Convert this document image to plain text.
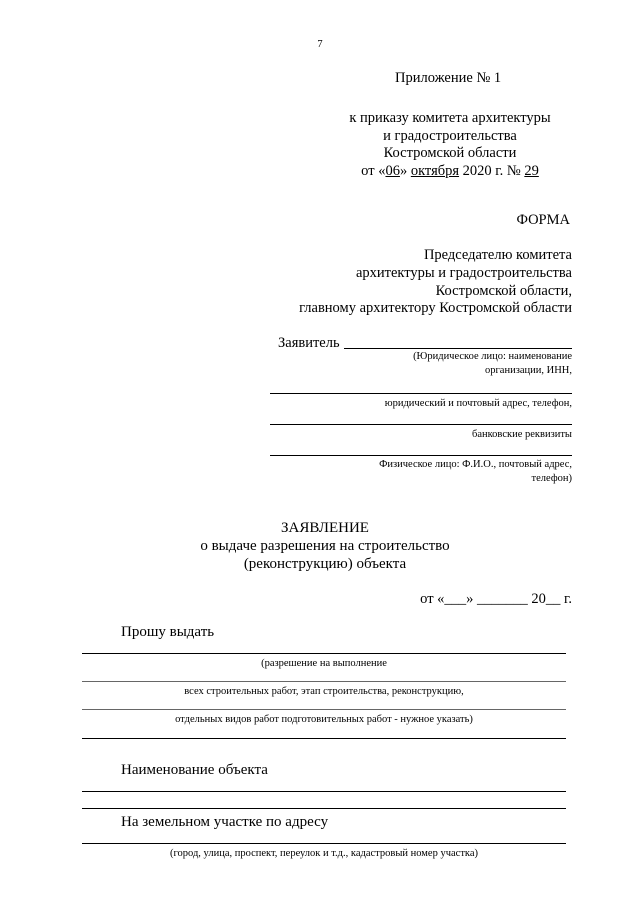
7
Приложение № 1
к приказу комитета архитектуры
и градостроительства
Костромской области
от «06» октября 2020 г. № 29
ФОРМА
Председателю комитета
архитектуры и градостроительства
Костромской области,
главному архитектору Костромской области
Заявитель
(Юридическое лицо: наименование
организации, ИНН,
юридический и почтовый адрес, телефон,
банковские реквизиты
Физическое лицо: Ф.И.О., почтовый адрес,
телефон)
ЗАЯВЛЕНИЕ
о выдаче разрешения на строительство
(реконструкцию) объекта
от «___» _______ 20__ г.
Прошу выдать
(разрешение на выполнение
всех строительных работ, этап строительства, реконструкцию,
отдельных видов работ подготовительных работ - нужное указать)
Наименование объекта
На земельном участке по адресу
(город, улица, проспект, переулок и т.д., кадастровый номер участка)
